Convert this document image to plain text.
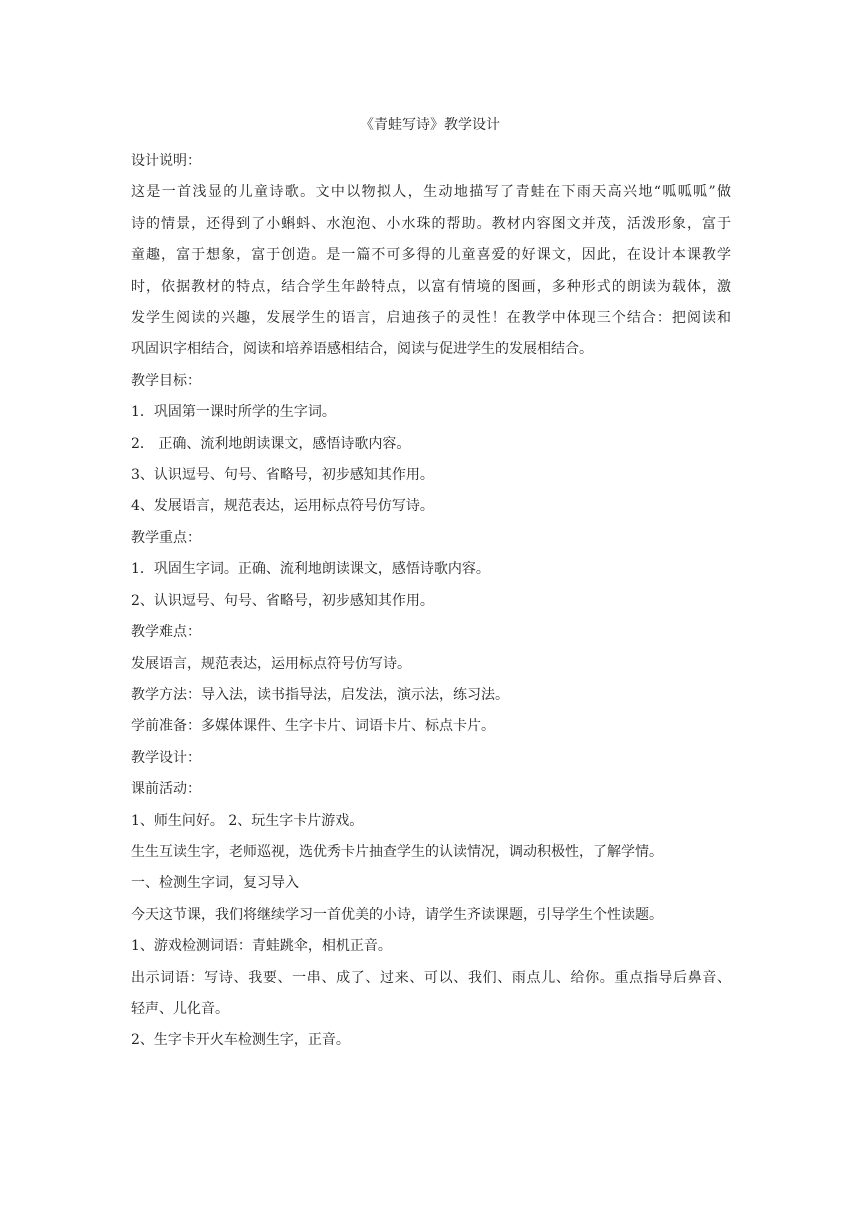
《青蛙写诗》教学设计

设计说明：

这是一首浅显的儿童诗歌。文中以物拟人，生动地描写了青蛙在下雨天高兴地“呱呱呱”做

诗的情景，还得到了小蝌蚪、水泡泡、小水珠的帮助。教材内容图文并茂，活泼形象，富于

童趣，富于想象，富于创造。是一篇不可多得的儿童喜爱的好课文，因此，在设计本课教学

时，依据教材的特点，结合学生年龄特点，以富有情境的图画，多种形式的朗读为载体，激

发学生阅读的兴趣，发展学生的语言，启迪孩子的灵性！在教学中体现三个结合：把阅读和

巩固识字相结合，阅读和培养语感相结合，阅读与促进学生的发展相结合。

教学目标：

1．巩固第一课时所学的生字词。

2． 正确、流利地朗读课文，感悟诗歌内容。

3、认识逗号、句号、省略号，初步感知其作用。

4、发展语言，规范表达，运用标点符号仿写诗。

教学重点：

1．巩固生字词。正确、流利地朗读课文，感悟诗歌内容。

2、认识逗号、句号、省略号，初步感知其作用。

教学难点：

发展语言，规范表达，运用标点符号仿写诗。

教学方法：导入法，读书指导法，启发法，演示法，练习法。

学前准备：多媒体课件、生字卡片、词语卡片、标点卡片。

教学设计：

课前活动：

1、师生问好。 2、玩生字卡片游戏。

生生互读生字，老师巡视，选优秀卡片抽查学生的认读情况，调动积极性，了解学情。

一、检测生字词，复习导入

今天这节课，我们将继续学习一首优美的小诗，请学生齐读课题，引导学生个性读题。

1、游戏检测词语：青蛙跳伞，相机正音。

出示词语：写诗、我要、一串、成了、过来、可以、我们、雨点儿、给你。重点指导后鼻音、

轻声、儿化音。

2、生字卡开火车检测生字，正音。
